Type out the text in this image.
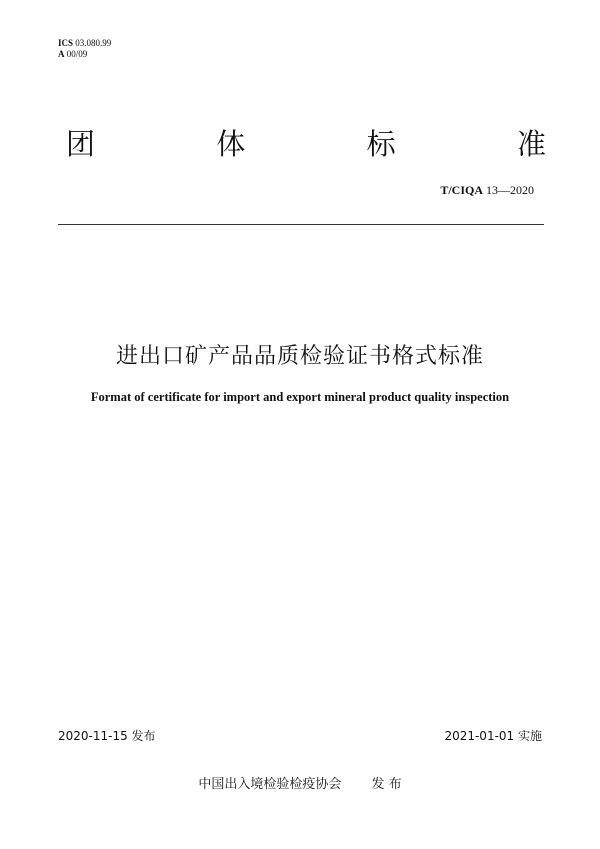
ICS 03.080.99
A 00/09
团	体	标	准
T/CIQA 13—2020
进出口矿产品品质检验证书格式标准
Format of certificate for import and export mineral product quality inspection
2020-11-15 发布	2021-01-01 实施
中国出入境检验检疫协会 发 布
